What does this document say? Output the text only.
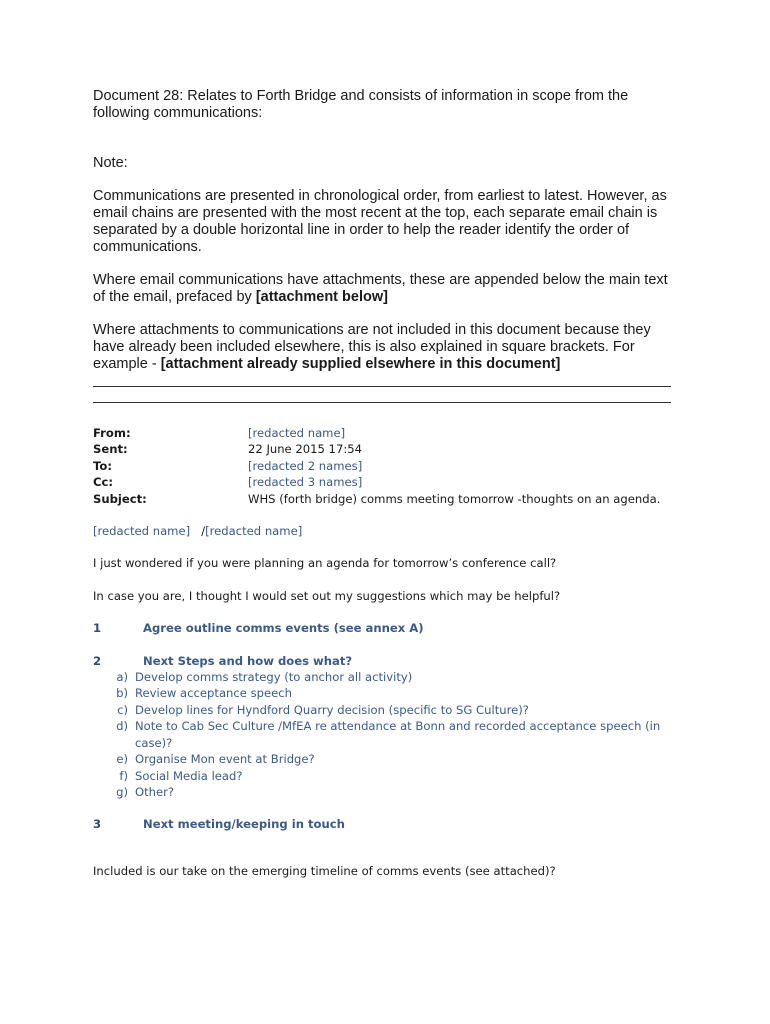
Document 28: Relates to Forth Bridge and consists of information in scope from the following communications:

Note:

Communications are presented in chronological order, from earliest to latest. However, as email chains are presented with the most recent at the top, each separate email chain is separated by a double horizontal line in order to help the reader identify the order of communications.

Where email communications have attachments, these are appended below the main text of the email, prefaced by [attachment below]

Where attachments to communications are not included in this document because they have already been included elsewhere, this is also explained in square brackets. For example - [attachment already supplied elsewhere in this document]

From:	[redacted name]
Sent:	22 June 2015 17:54
To:	[redacted 2 names]
Cc:	[redacted 3 names]
Subject:	WHS (forth bridge) comms meeting tomorrow -thoughts on an agenda.

[redacted name] /[redacted name]

I just wondered if you were planning an agenda for tomorrow’s conference call?

In case you are, I thought I would set out my suggestions which may be helpful?

1	Agree outline comms events (see annex A)
2	Next Steps and how does what?
a) Develop comms strategy (to anchor all activity)
b) Review acceptance speech
c) Develop lines for Hyndford Quarry decision (specific to SG Culture)?
d) Note to Cab Sec Culture /MfEA re attendance at Bonn and recorded acceptance speech (in case)?
e) Organise Mon event at Bridge?
f) Social Media lead?
g) Other?
3	Next meeting/keeping in touch

Included is our take on the emerging timeline of comms events (see attached)?
